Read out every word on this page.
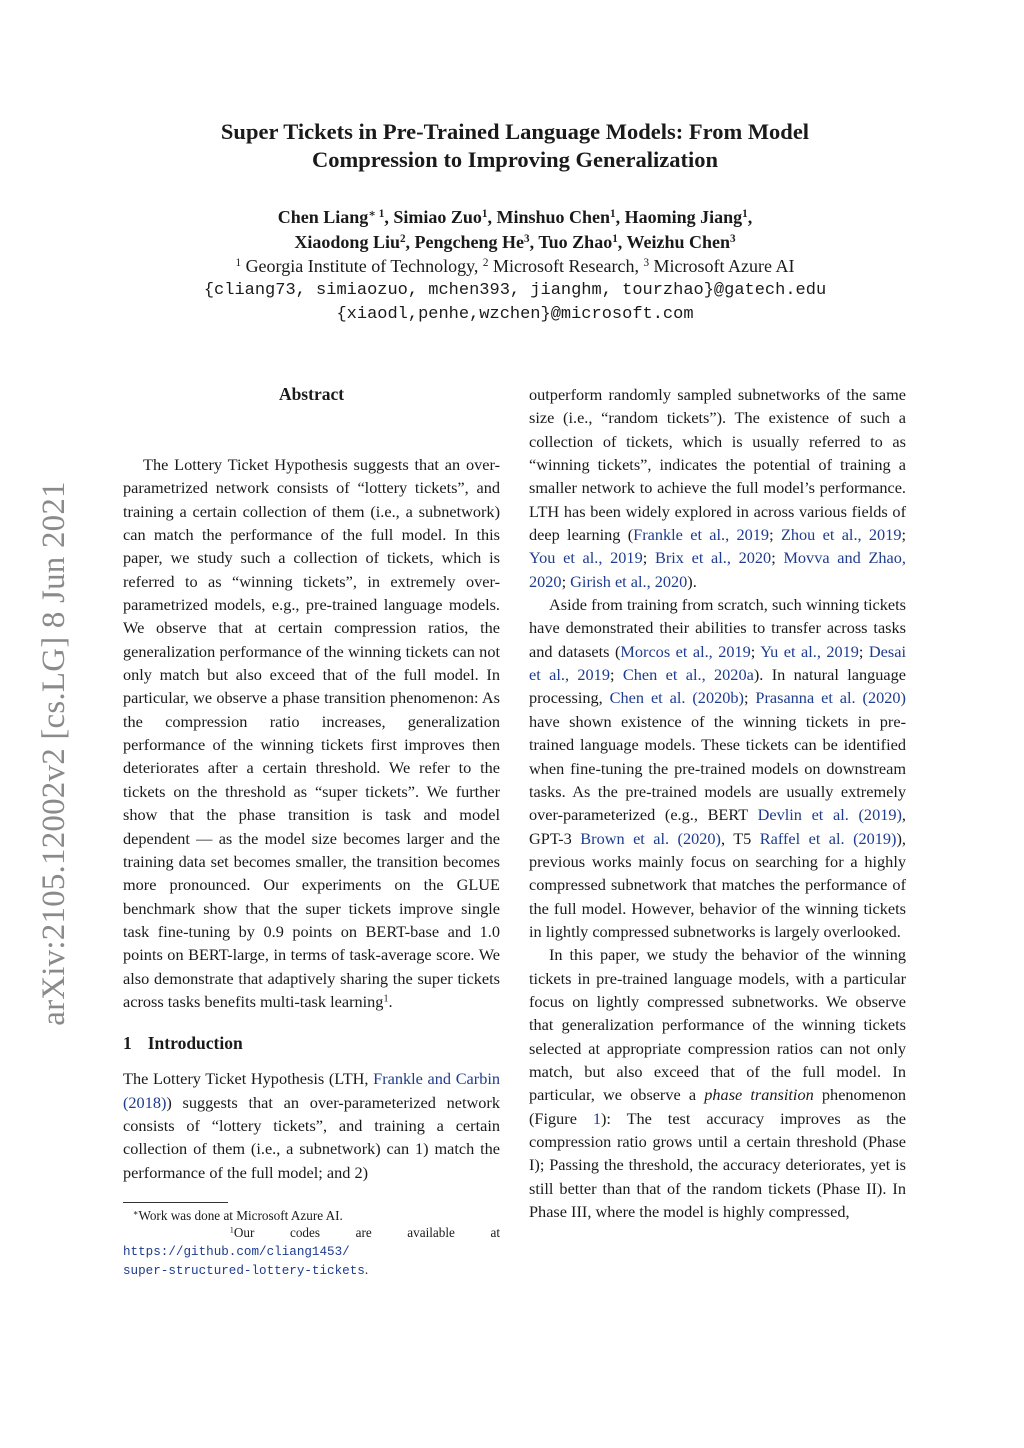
arXiv:2105.12002v2 [cs.LG] 8 Jun 2021
Super Tickets in Pre-Trained Language Models: From Model
Compression to Improving Generalization
Chen Liang$^{∗ 1}$, Simiao Zuo$^1$, Minshuo Chen$^1$, Haoming Jiang$^1$,
Xiaodong Liu$^2$, Pengcheng He$^3$, Tuo Zhao$^1$, Weizhu Chen$^3$
$^1$ Georgia Institute of Technology, $^2$ Microsoft Research, $^3$ Microsoft Azure AI
{cliang73, simiaozuo, mchen393, jianghm, tourzhao}@gatech.edu
{xiaodl,penhe,wzchen}@microsoft.com
Abstract

The Lottery Ticket Hypothesis suggests that an over-parametrized network consists of “lottery tickets”, and training a certain collection of them (i.e., a subnetwork) can match the performance of the full model. In this paper, we study such a collection of tickets, which is referred to as “winning tickets”, in extremely over-parametrized models, e.g., pre-trained language models. We observe that at certain compression ratios, the generalization performance of the winning tickets can not only match but also exceed that of the full model. In particular, we observe a phase transition phenomenon: As the compression ratio increases, generalization performance of the winning tickets first improves then deteriorates after a certain threshold. We refer to the tickets on the threshold as “super tickets”. We further show that the phase transition is task and model dependent — as the model size becomes larger and the training data set becomes smaller, the transition becomes more pronounced. Our experiments on the GLUE benchmark show that the super tickets improve single task fine-tuning by 0.9 points on BERT-base and 1.0 points on BERT-large, in terms of task-average score. We also demonstrate that adaptively sharing the super tickets across tasks benefits multi-task learning$^1$.

1 Introduction

The Lottery Ticket Hypothesis (LTH, Frankle and Carbin (2018)) suggests that an over-parameterized network consists of “lottery tickets”, and training a certain collection of them (i.e., a subnetwork) can 1) match the performance of the full model; and 2)

∗Work was done at Microsoft Azure AI.
$^1$Our codes are available at
https://github.com/cliang1453/
super-structured-lottery-tickets.

outperform randomly sampled subnetworks of the same size (i.e., “random tickets”). The existence of such a collection of tickets, which is usually referred to as “winning tickets”, indicates the potential of training a smaller network to achieve the full model’s performance. LTH has been widely explored in across various fields of deep learning (Frankle et al., 2019; Zhou et al., 2019; You et al., 2019; Brix et al., 2020; Movva and Zhao, 2020; Girish et al., 2020).

Aside from training from scratch, such winning tickets have demonstrated their abilities to transfer across tasks and datasets (Morcos et al., 2019; Yu et al., 2019; Desai et al., 2019; Chen et al., 2020a). In natural language processing, Chen et al. (2020b); Prasanna et al. (2020) have shown existence of the winning tickets in pre-trained language models. These tickets can be identified when fine-tuning the pre-trained models on downstream tasks. As the pre-trained models are usually extremely over-parameterized (e.g., BERT Devlin et al. (2019), GPT-3 Brown et al. (2020), T5 Raffel et al. (2019)), previous works mainly focus on searching for a highly compressed subnetwork that matches the performance of the full model. However, behavior of the winning tickets in lightly compressed subnetworks is largely overlooked.

In this paper, we study the behavior of the winning tickets in pre-trained language models, with a particular focus on lightly compressed subnetworks. We observe that generalization performance of the winning tickets selected at appropriate compression ratios can not only match, but also exceed that of the full model. In particular, we observe a phase transition phenomenon (Figure 1): The test accuracy improves as the compression ratio grows until a certain threshold (Phase I); Passing the threshold, the accuracy deteriorates, yet is still better than that of the random tickets (Phase II). In Phase III, where the model is highly compressed,
